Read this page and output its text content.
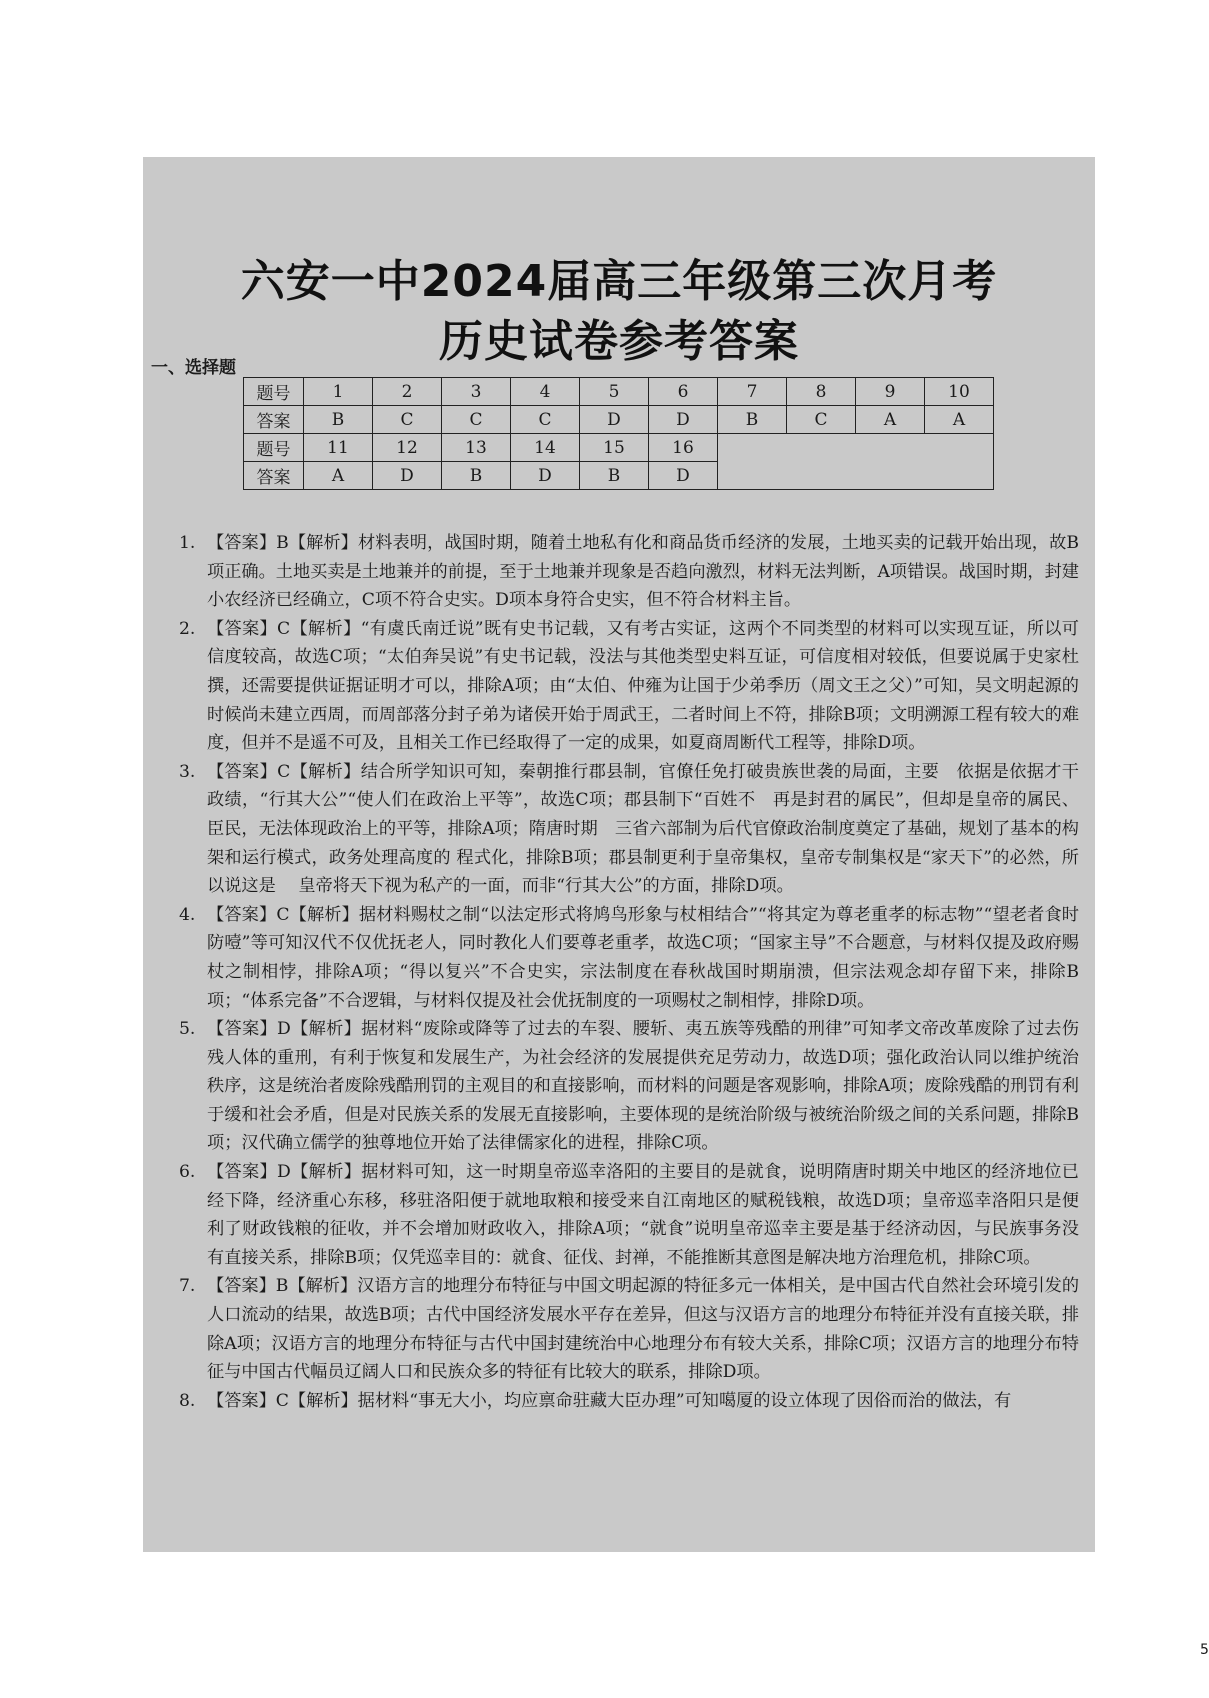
六安一中2024届高三年级第三次月考
历史试卷参考答案
一、选择题
题号	1	2	3	4	5	6	7	8	9	10
答案	B	C	C	C	D	D	B	C	A	A
题号	11	12	13	14	15	16				
答案	A	D	B	D	B	D				
1. 【答案】B【解析】材料表明，战国时期，随着土地私有化和商品货币经济的发展，土地买卖的记载开始出现，故B项正确。土地买卖是土地兼并的前提，至于土地兼并现象是否趋向激烈，材料无法判断，A项错误。战国时期，封建小农经济已经确立，C项不符合史实。D项本身符合史实，但不符合材料主旨。
2. 【答案】C【解析】“有虞氏南迁说”既有史书记载，又有考古实证，这两个不同类型的材料可以实现互证，所以可信度较高，故选C项；“太伯奔吴说”有史书记载，没法与其他类型史料互证，可信度相对较低，但要说属于史家杜撰，还需要提供证据证明才可以，排除A项；由“太伯、仲雍为让国于少弟季历（周文王之父）”可知，吴文明起源的时候尚未建立西周，而周部落分封子弟为诸侯开始于周武王，二者时间上不符，排除B项；文明溯源工程有较大的难度，但并不是遥不可及，且相关工作已经取得了一定的成果，如夏商周断代工程等，排除D项。
3. 【答案】C【解析】结合所学知识可知，秦朝推行郡县制，官僚任免打破贵族世袭的局面，主要　依据是依据才干政绩，“行其大公”“使人们在政治上平等”，故选C项；郡县制下“百姓不　再是封君的属民”，但却是皇帝的属民、臣民，无法体现政治上的平等，排除A项；隋唐时期　三省六部制为后代官僚政治制度奠定了基础，规划了基本的构架和运行模式，政务处理高度的 程式化，排除B项；郡县制更利于皇帝集权，皇帝专制集权是“家天下”的必然，所以说这是　 皇帝将天下视为私产的一面，而非“行其大公”的方面，排除D项。
4. 【答案】C【解析】据材料赐杖之制“以法定形式将鸠鸟形象与杖相结合”“将其定为尊老重孝的标志物”“望老者食时防噎”等可知汉代不仅优抚老人，同时教化人们要尊老重孝，故选C项；“国家主导”不合题意，与材料仅提及政府赐杖之制相悖，排除A项；“得以复兴”不合史实，宗法制度在春秋战国时期崩溃，但宗法观念却存留下来，排除B项；“体系完备”不合逻辑，与材料仅提及社会优抚制度的一项赐杖之制相悖，排除D项。
5. 【答案】D【解析】据材料“废除或降等了过去的车裂、腰斩、夷五族等残酷的刑律”可知孝文帝改革废除了过去伤残人体的重刑，有利于恢复和发展生产，为社会经济的发展提供充足劳动力，故选D项；强化政治认同以维护统治秩序，这是统治者废除残酷刑罚的主观目的和直接影响，而材料的问题是客观影响，排除A项；废除残酷的刑罚有利于缓和社会矛盾，但是对民族关系的发展无直接影响，主要体现的是统治阶级与被统治阶级之间的关系问题，排除B项；汉代确立儒学的独尊地位开始了法律儒家化的进程，排除C项。
6. 【答案】D【解析】据材料可知，这一时期皇帝巡幸洛阳的主要目的是就食，说明隋唐时期关中地区的经济地位已经下降，经济重心东移，移驻洛阳便于就地取粮和接受来自江南地区的赋税钱粮，故选D项；皇帝巡幸洛阳只是便利了财政钱粮的征收，并不会增加财政收入，排除A项；“就食”说明皇帝巡幸主要是基于经济动因，与民族事务没有直接关系，排除B项；仅凭巡幸目的：就食、征伐、封禅，不能推断其意图是解决地方治理危机，排除C项。
7. 【答案】B【解析】汉语方言的地理分布特征与中国文明起源的特征多元一体相关，是中国古代自然社会环境引发的人口流动的结果，故选B项；古代中国经济发展水平存在差异，但这与汉语方言的地理分布特征并没有直接关联，排除A项；汉语方言的地理分布特征与古代中国封建统治中心地理分布有较大关系，排除C项；汉语方言的地理分布特征与中国古代幅员辽阔人口和民族众多的特征有比较大的联系，排除D项。
8. 【答案】C【解析】据材料“事无大小，均应禀命驻藏大臣办理”可知噶厦的设立体现了因俗而治的做法，有
5
